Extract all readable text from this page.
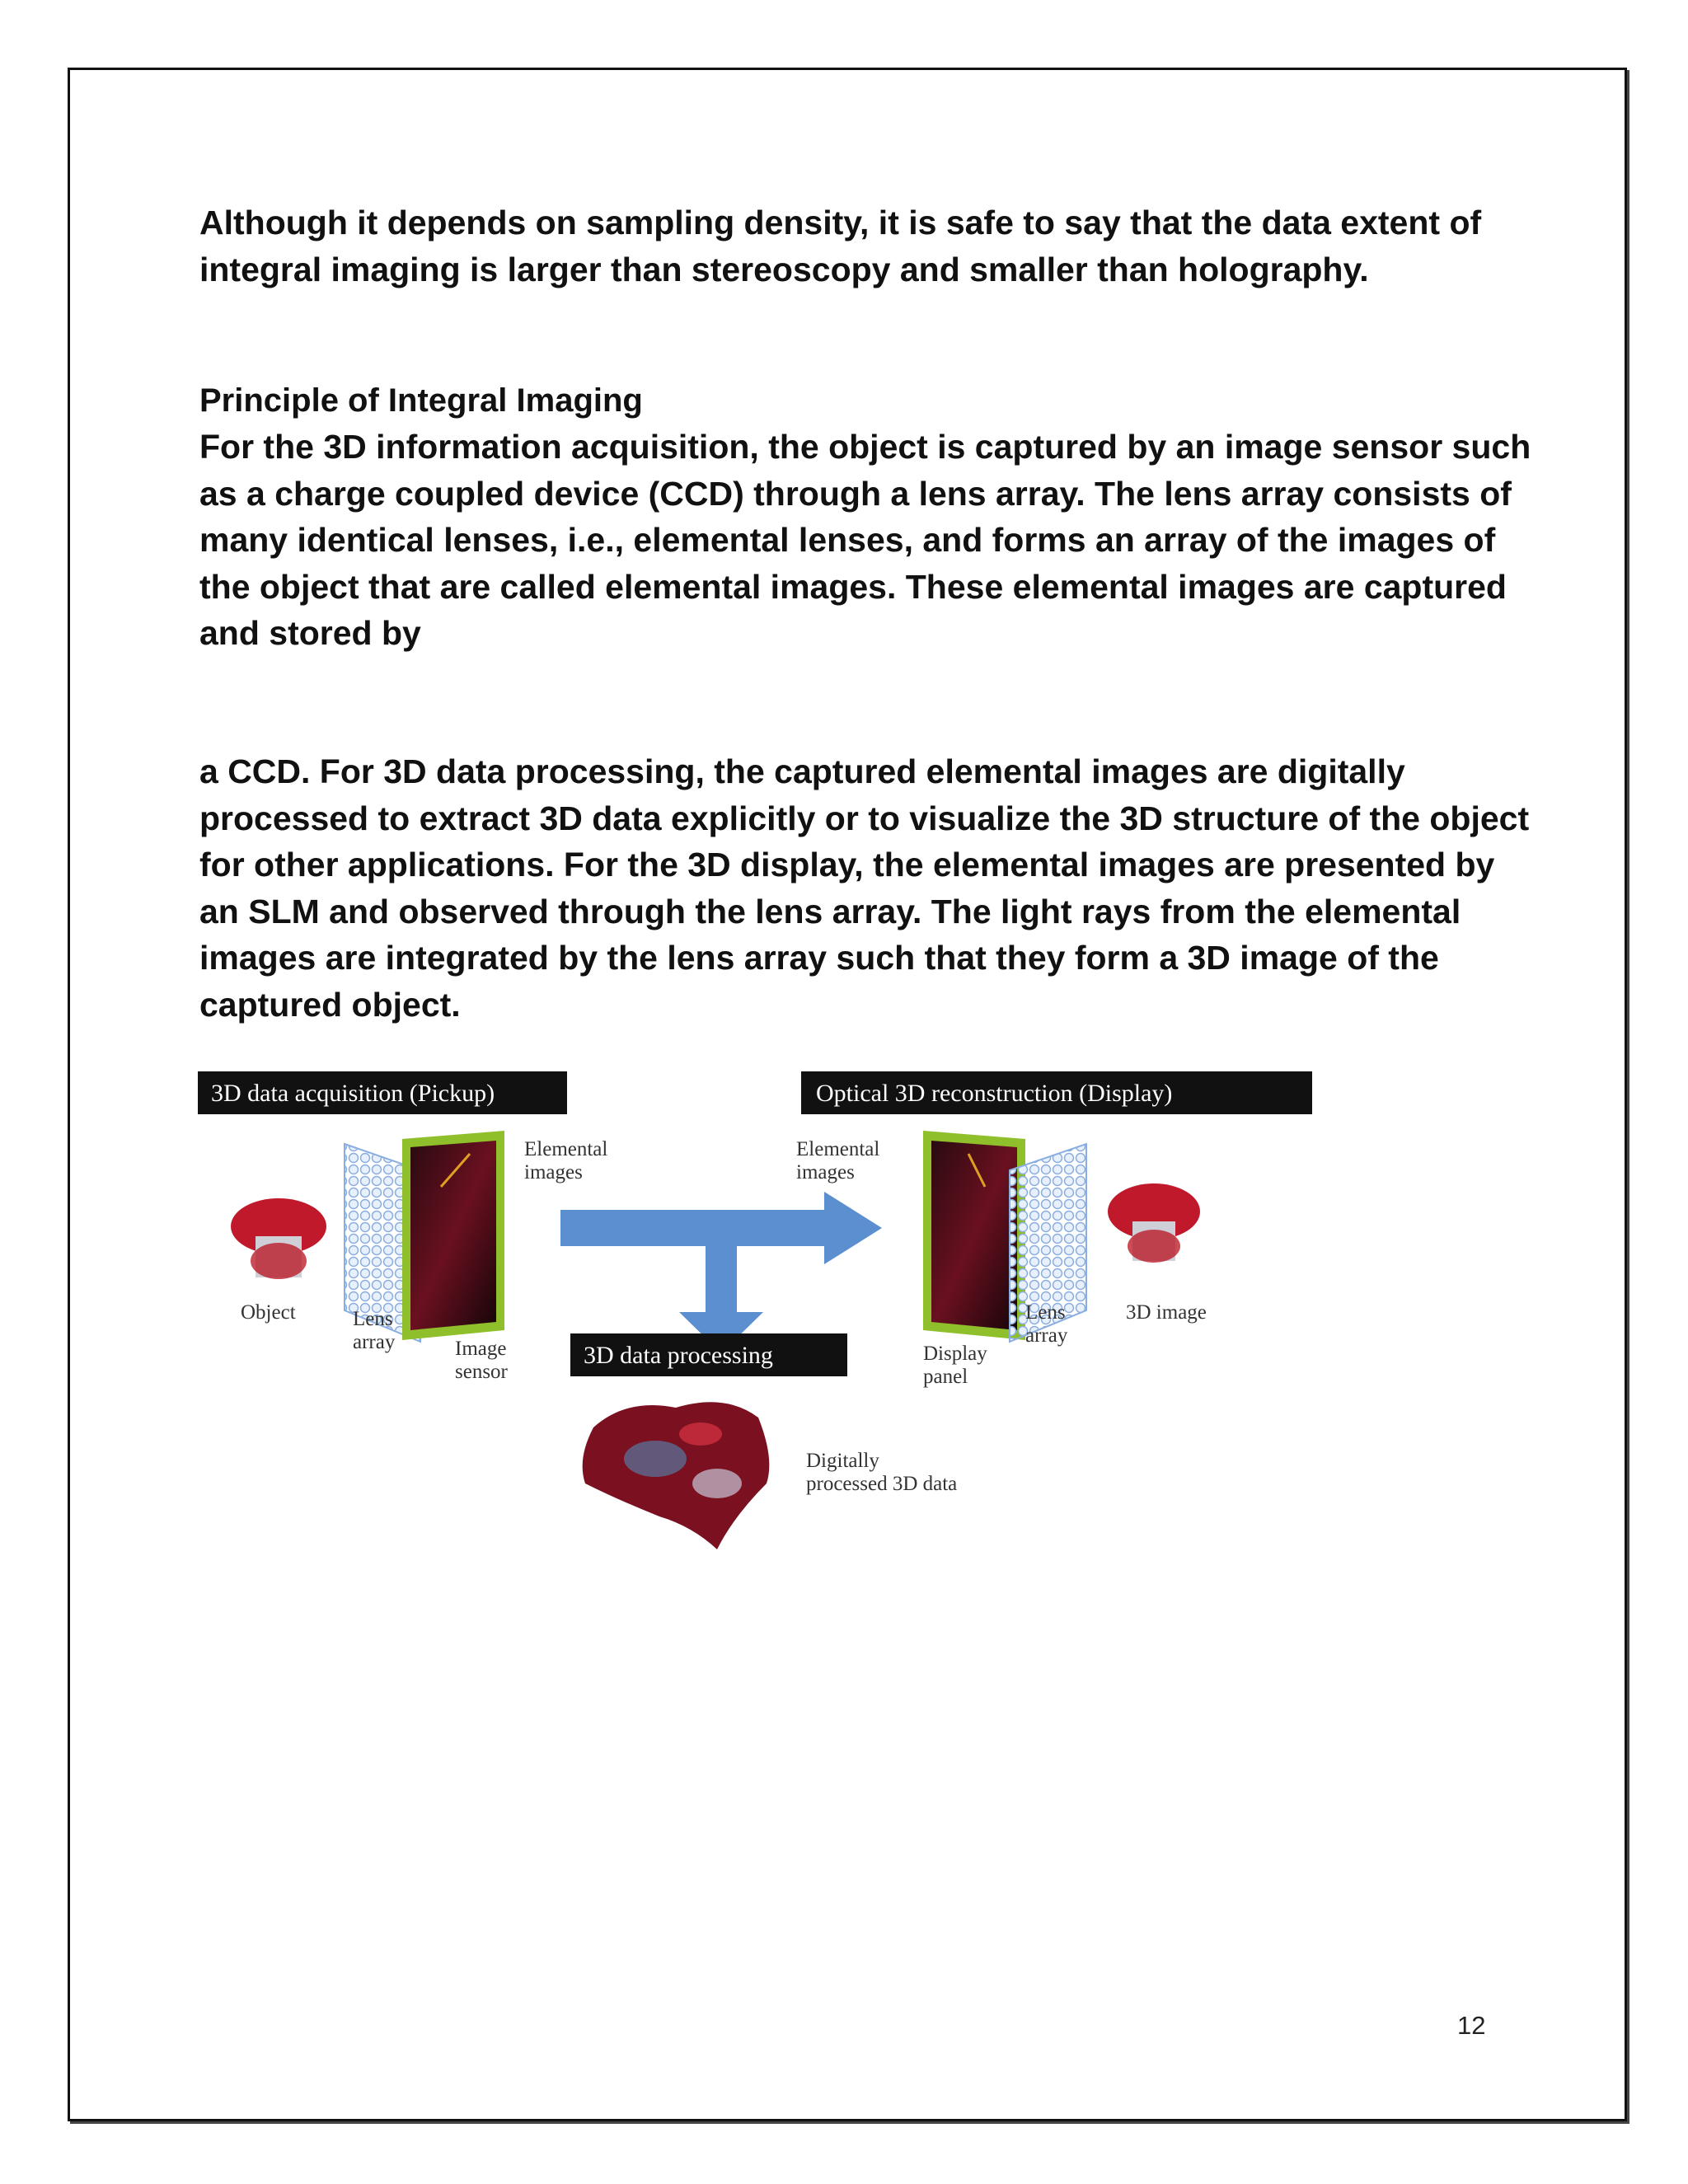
Although it depends on sampling density, it is safe to say that the data extent of integral imaging is larger than stereoscopy and smaller than holography.

Principle of Integral Imaging

For the 3D information acquisition, the object is captured by an image sensor such as a charge coupled device (CCD) through a lens array. The lens array consists of many identical lenses, i.e., elemental lenses, and forms an array of the images of the object that are called elemental images. These elemental images are captured and stored by

a CCD. For 3D data processing, the captured elemental images are digitally processed to extract 3D data explicitly or to visualize the 3D structure of the object for other applications. For the 3D display, the elemental images are presented by an SLM and observed through the lens array. The light rays from the elemental images are integrated by the lens array such that they form a 3D image of the captured object.

3D data acquisition (Pickup)	Optical 3D reconstruction (Display)
3D data processing
Elemental
images
Elemental
images
Object	Lens
array	Image
sensor
Lens
array
3D image
Display
panel
Digitally
processed 3D data
12
